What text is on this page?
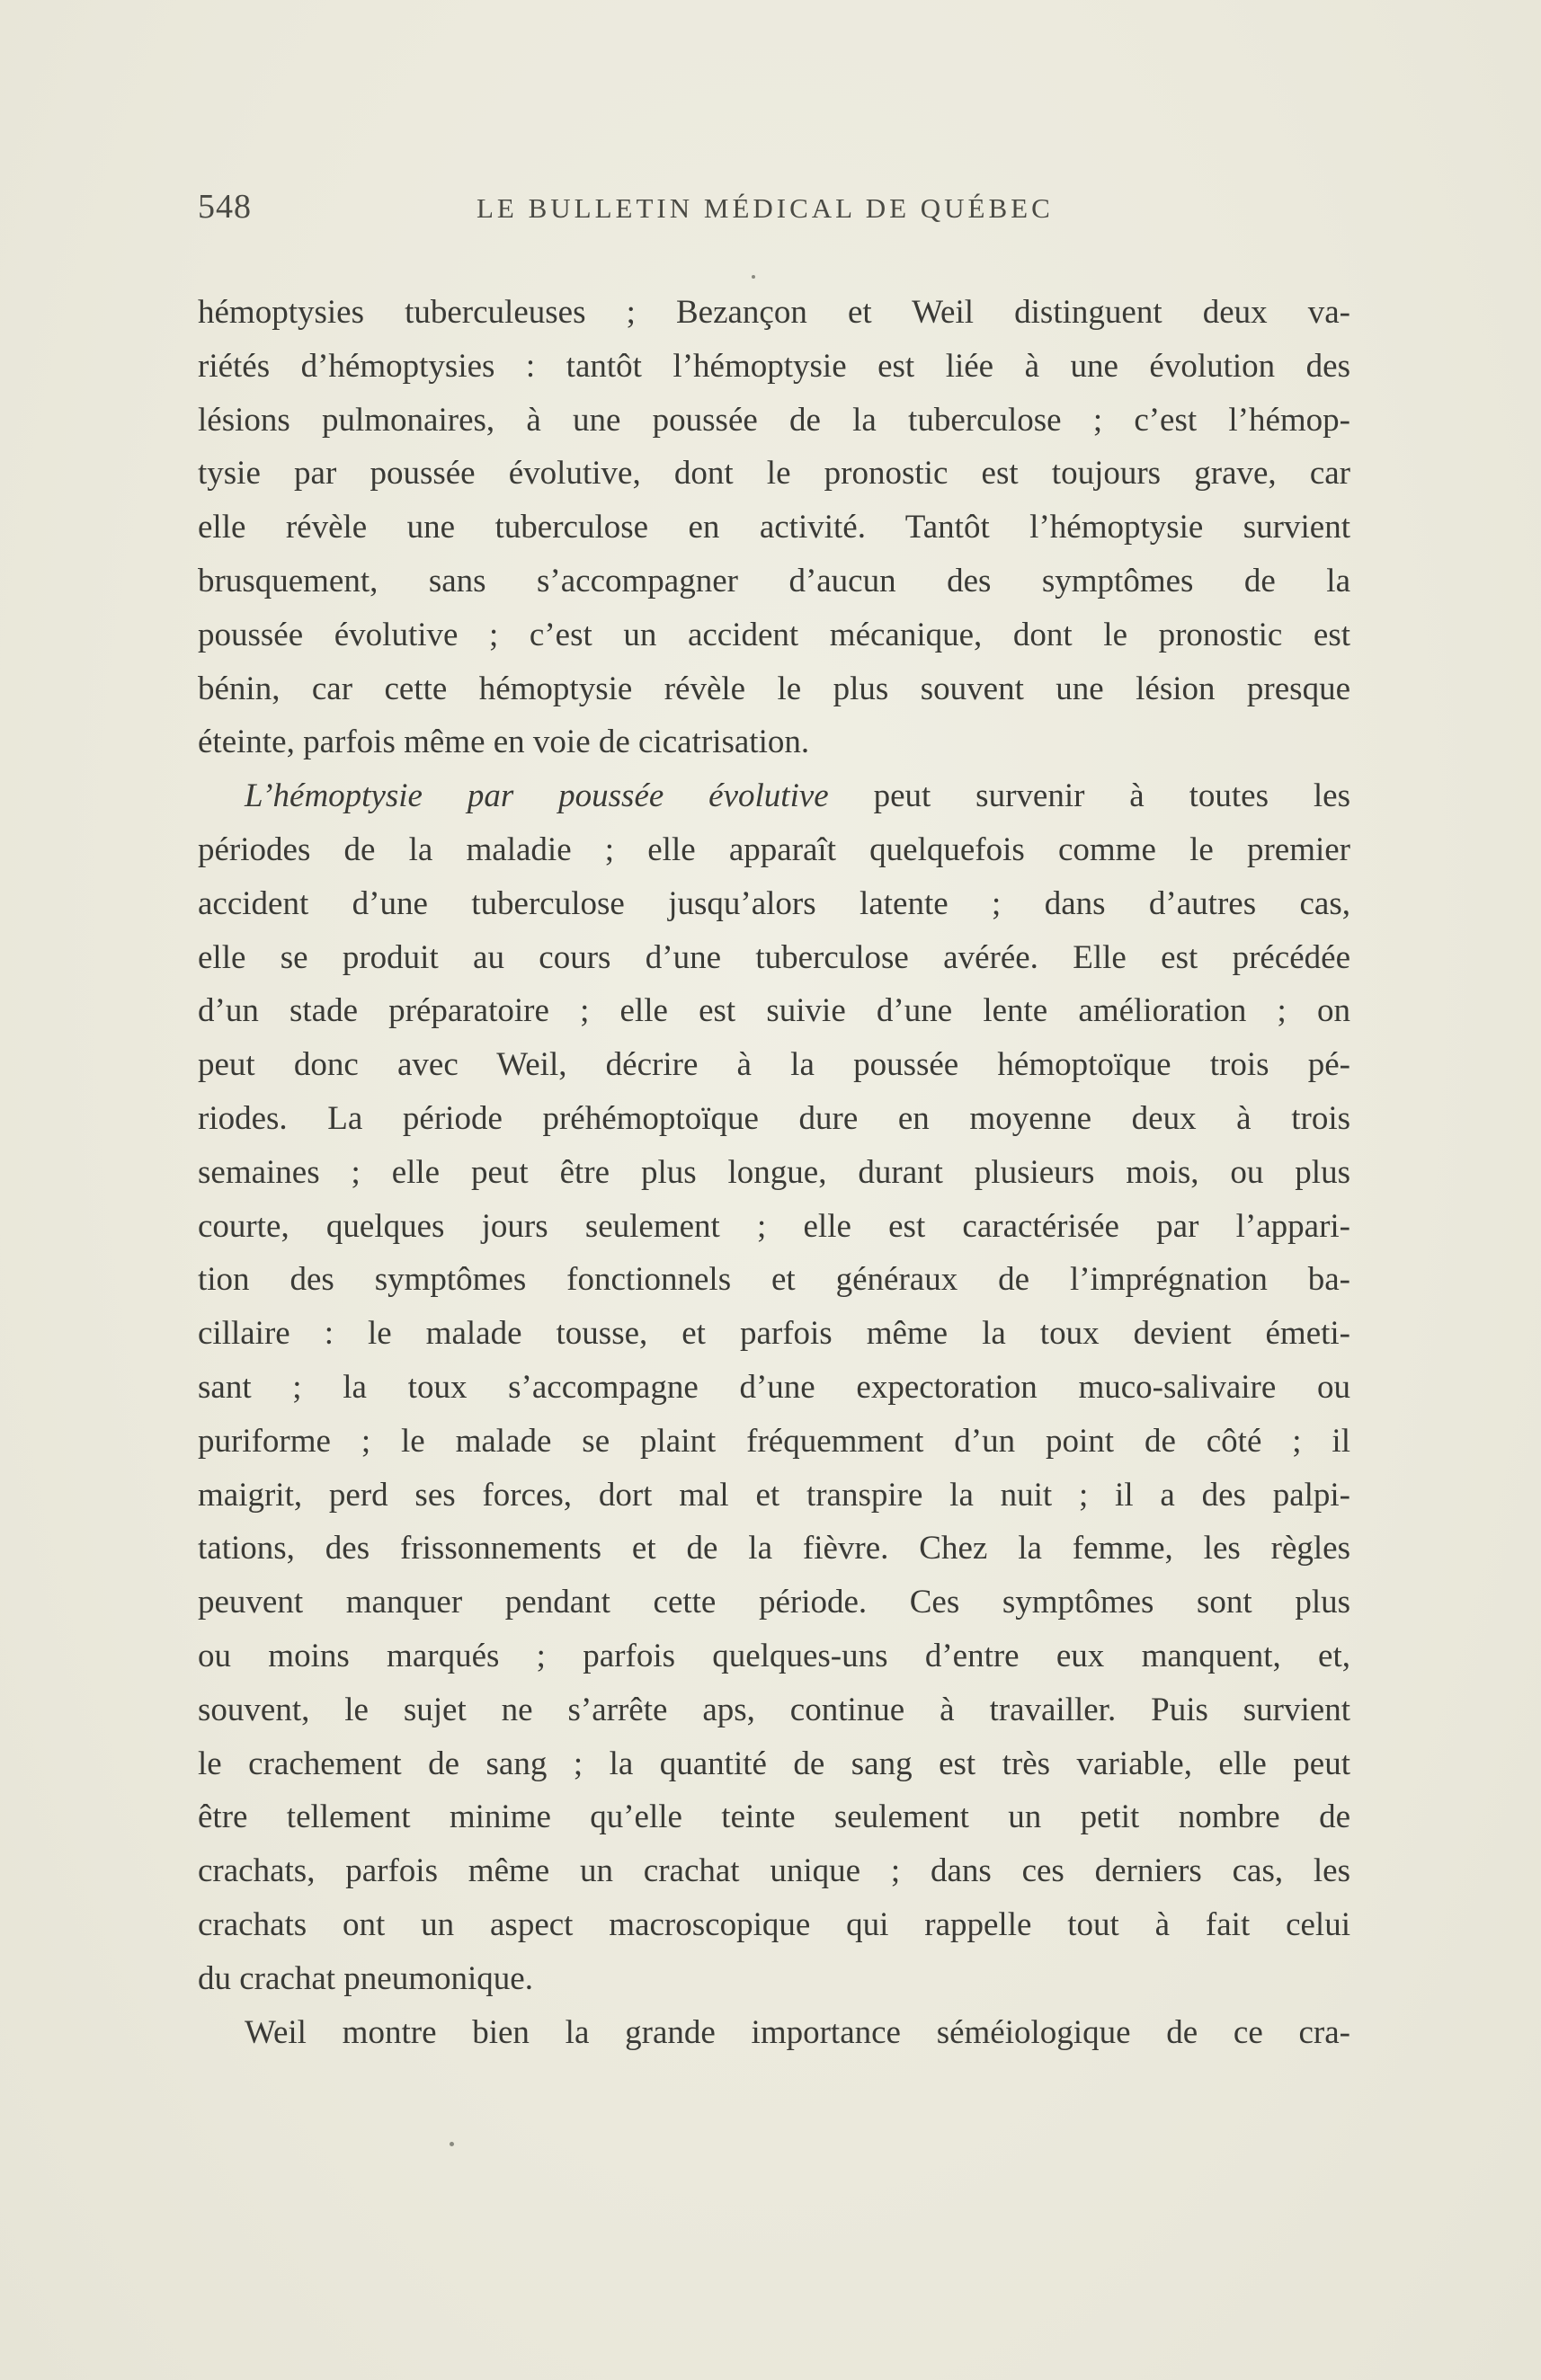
548	LE BULLETIN MÉDICAL DE QUÉBEC
hémoptysies tuberculeuses ; Bezançon et Weil distinguent deux va-
riétés d’hémoptysies : tantôt l’hémoptysie est liée à une évolution des
lésions pulmonaires, à une poussée de la tuberculose ; c’est l’hémop-
tysie par poussée évolutive, dont le pronostic est toujours grave, car
elle révèle une tuberculose en activité. Tantôt l’hémoptysie survient
brusquement, sans s’accompagner d’aucun des symptômes de la
poussée évolutive ; c’est un accident mécanique, dont le pronostic est
bénin, car cette hémoptysie révèle le plus souvent une lésion presque
éteinte, parfois même en voie de cicatrisation.
L’hémoptysie par poussée évolutive peut survenir à toutes les
périodes de la maladie ; elle apparaît quelquefois comme le premier
accident d’une tuberculose jusqu’alors latente ; dans d’autres cas,
elle se produit au cours d’une tuberculose avérée. Elle est précédée
d’un stade préparatoire ; elle est suivie d’une lente amélioration ; on
peut donc avec Weil, décrire à la poussée hémoptoïque trois pé-
riodes. La période préhémoptoïque dure en moyenne deux à trois
semaines ; elle peut être plus longue, durant plusieurs mois, ou plus
courte, quelques jours seulement ; elle est caractérisée par l’appari-
tion des symptômes fonctionnels et généraux de l’imprégnation ba-
cillaire : le malade tousse, et parfois même la toux devient émeti-
sant ; la toux s’accompagne d’une expectoration muco-salivaire ou
puriforme ; le malade se plaint fréquemment d’un point de côté ; il
maigrit, perd ses forces, dort mal et transpire la nuit ; il a des palpi-
tations, des frissonnements et de la fièvre. Chez la femme, les règles
peuvent manquer pendant cette période. Ces symptômes sont plus
ou moins marqués ; parfois quelques-uns d’entre eux manquent, et,
souvent, le sujet ne s’arrête aps, continue à travailler. Puis survient
le crachement de sang ; la quantité de sang est très variable, elle peut
être tellement minime qu’elle teinte seulement un petit nombre de
crachats, parfois même un crachat unique ; dans ces derniers cas, les
crachats ont un aspect macroscopique qui rappelle tout à fait celui
du crachat pneumonique.
Weil montre bien la grande importance séméiologique de ce cra-
